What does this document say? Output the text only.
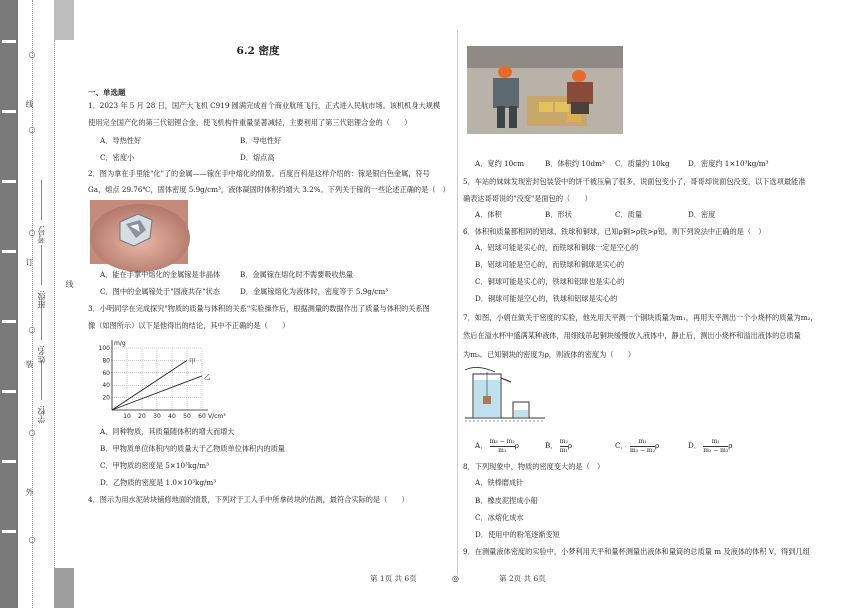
○
○
○
○
○
○
线
订
装
外
线
学校:
姓名:
班级:
考号:
6.2 密度
一、单选题
1．2023 年 5 月 28 日，国产大飞机 C919 圆满完成首个商业航班飞行，正式进入民航市场。该机机身大规模
使用完全国产化的第三代铝锂合金，使飞机构件重量显著减轻，主要利用了第三代铝锂合金的（　　）
A．导热性好	B．导电性好
C．密度小	D．熔点高
2．图为拿在手里能"化"了的金属——镓在手中熔化的情景。百度百科是这样介绍的：镓是银白色金属，符号
Ga，熔点 29.76℃，固体密度 5.9g/cm³，液体凝固时体积约增大 3.2%。下列关于镓的一些论述正确的是（　）
A．能在手掌中熔化的金属镓是非晶体	B．金属镓在熔化时不需要吸收热量
C．图中的金属镓处于"固液共存"状态	D．金属镓熔化为液体时，密度等于 5.9g/cm³
3．小明同学在完成探究"物质的质量与体积的关系"实验操作后，根据测量的数据作出了质量与体积的关系图
像（如图所示）以下是他得出的结论，其中不正确的是（　　）
10 20 30 40 50 60
20
40
60
80
100
m/g
V/cm³
甲
乙
A．同种物质，其质量随体积的增大而增大
B．甲物质单位体积内的质量大于乙物质单位体积内的质量
C．甲物质的密度是 5×10³kg/m³
D．乙物质的密度是 1.0×10³kg/m³
4．图示为用水泥砖块铺修地面的情景，下列对于工人手中所拿砖块的估测，最符合实际的是（　　）
第 1页 共 6页	◎
A．宽约 10cm	B．体积约 10dm³ C．质量约 10kg	D．密度约 1×10³kg/m³
5．车站的妹妹发现密封包装袋中的饼干被压扁了很多，说面包变小了，哥哥却说面包没变，以下选项最能准
确表达哥哥说的"没变"是面包的（　　）
A．体积	B．形状	C．质量	D．密度
6．体积和质量都相同的铝球、铁球和铜球，已知ρ铜>ρ铁>ρ铝，则下列说法中正确的是（　）
A．铝球可能是实心的，而铁球和铜球一定是空心的
B．铝球可能是空心的，而铁球和铜球是实心的
C．铜球可能是实心的，铁球和铝球也是实心的
D．铜球可能是空心的，铁球和铝球是实心的
7．如图，小娟在做关于密度的实验，他先用天平测一个铜块质量为m₁，再用天平测出一个小烧杯的质量为m₂，
然后在溢水杯中盛满某种液体，用细线吊起铜块缓慢放入液体中，静止后，测出小烧杯和溢出液体的总质量
为m₃。已知铜块的密度为ρ，则液体的密度为（　　）
A． $\frac{\text{m₃ − m₂}}{\text{m₁}}$ ρ	B． $\frac{\text{m₂}}{\text{m₁}}$ ρ	C． $\frac{\text{m₁}}{\text{m₃ − m₂}}$ ρ	D． $\frac{\text{m₁}}{\text{m₂ − m₃}}$ ρ
8．下列现象中，物质的密度变大的是（　）
A．铁棒磨成针
B．橡皮泥捏成小船
C．冰熔化成水
D．使用中的粉笔逐渐变短
9．在测量液体密度的实验中，小梦利用天平和量杯测量出液体和量筒的总质量 m 及液体的体积 V，得到几组
第 2页 共 6页
